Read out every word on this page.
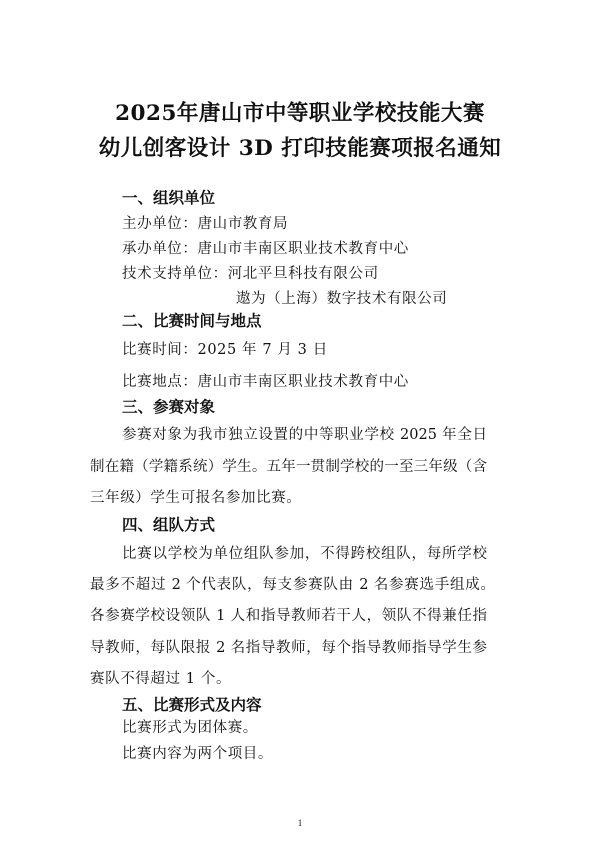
2025年唐山市中等职业学校技能大赛
幼儿创客设计 3D 打印技能赛项报名通知
一、组织单位
主办单位：唐山市教育局
承办单位：唐山市丰南区职业技术教育中心
技术支持单位：河北平旦科技有限公司
遨为（上海）数字技术有限公司
二、比赛时间与地点
比赛时间：2025 年 7 月 3 日
比赛地点：唐山市丰南区职业技术教育中心
三、参赛对象
参赛对象为我市独立设置的中等职业学校 2025 年全日
制在籍（学籍系统）学生。五年一贯制学校的一至三年级（含
三年级）学生可报名参加比赛。
四、组队方式
比赛以学校为单位组队参加，不得跨校组队，每所学校
最多不超过 2 个代表队，每支参赛队由 2 名参赛选手组成。
各参赛学校设领队 1 人和指导教师若干人，领队不得兼任指
导教师，每队限报 2 名指导教师，每个指导教师指导学生参
赛队不得超过 1 个。
五、比赛形式及内容
比赛形式为团体赛。
比赛内容为两个项目。
1
